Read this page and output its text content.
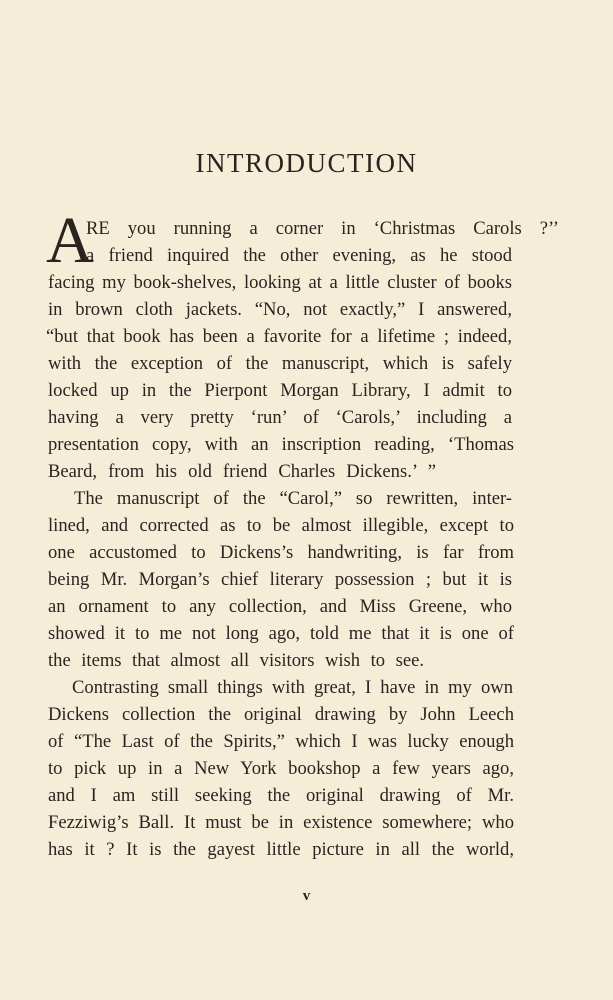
INTRODUCTION
A

RE you running a corner in ‘Christmas Carols ?’’

a friend inquired the other evening, as he stood

facing my book-shelves, looking at a little cluster of books

in brown cloth jackets. “No, not exactly,” I answered,

“but that book has been a favorite for a lifetime ; indeed,

with the exception of the manuscript, which is safely

locked up in the Pierpont Morgan Library, I admit to

having a very pretty ‘run’ of ‘Carols,’ including a

presentation copy, with an inscription reading, ‘Thomas

Beard, from his old friend Charles Dickens.’ ”

The manuscript of the “Carol,” so rewritten, inter-

lined, and corrected as to be almost illegible, except to

one accustomed to Dickens’s handwriting, is far from

being Mr. Morgan’s chief literary possession ; but it is

an ornament to any collection, and Miss Greene, who

showed it to me not long ago, told me that it is one of

the items that almost all visitors wish to see.

Contrasting small things with great, I have in my own

Dickens collection the original drawing by John Leech

of “The Last of the Spirits,” which I was lucky enough

to pick up in a New York bookshop a few years ago,

and I am still seeking the original drawing of Mr.

Fezziwig’s Ball. It must be in existence somewhere; who

has it ? It is the gayest little picture in all the world,

v
